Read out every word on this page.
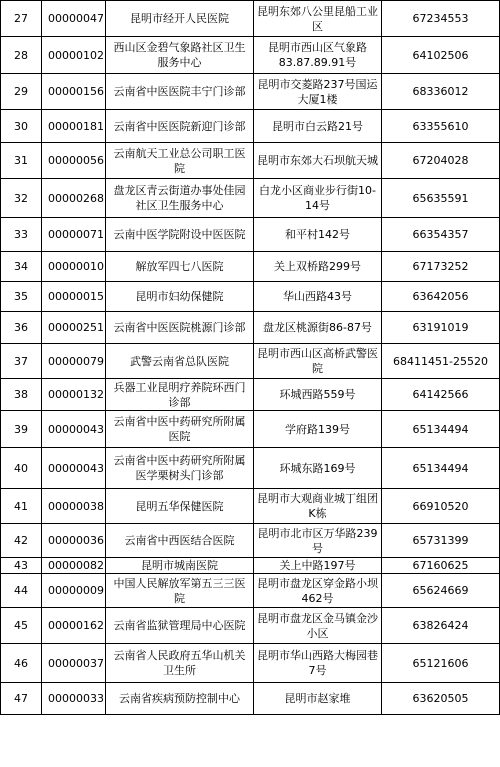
27	00000047	昆明市经开人民医院	昆明东郊八公里昆船工业区	67234553
28	00000102	西山区金碧气象路社区卫生服务中心	昆明市西山区气象路83.87.89.91号	64102506
29	00000156	云南省中医医院丰宁门诊部	昆明市交菱路237号国运大厦1楼	68336012
30	00000181	云南省中医医院新迎门诊部	昆明市白云路21号	63355610
31	00000056	云南航天工业总公司职工医院	昆明市东郊大石坝航天城	67204028
32	00000268	盘龙区青云街道办事处佳园社区卫生服务中心	白龙小区商业步行街10-14号	65635591
33	00000071	云南中医学院附设中医医院	和平村142号	66354357
34	00000010	解放军四七八医院	关上双桥路299号	67173252
35	00000015	昆明市妇幼保健院	华山西路43号	63642056
36	00000251	云南省中医医院桃源门诊部	盘龙区桃源街86-87号	63191019
37	00000079	武警云南省总队医院	昆明市西山区高桥武警医院	68411451-25520
38	00000132	兵器工业昆明疗养院环西门诊部	环城西路559号	64142566
39	00000043	云南省中医中药研究所附属医院	学府路139号	65134494
40	00000043	云南省中医中药研究所附属医学栗树头门诊部	环城东路169号	65134494
41	00000038	昆明五华保健医院	昆明市大观商业城丁组团K栋	66910520
42	00000036	云南省中西医结合医院	昆明市北市区万华路239号	65731399
43	00000082	昆明市城南医院	关上中路197号	67160625
44	00000009	中国人民解放军第五三三医院	昆明市盘龙区穿金路小坝462号	65624669
45	00000162	云南省监狱管理局中心医院	昆明市盘龙区金马镇金沙小区	63826424
46	00000037	云南省人民政府五华山机关卫生所	昆明市华山西路大梅园巷7号	65121606
47	00000033	云南省疾病预防控制中心	昆明市赵家堆	63620505
